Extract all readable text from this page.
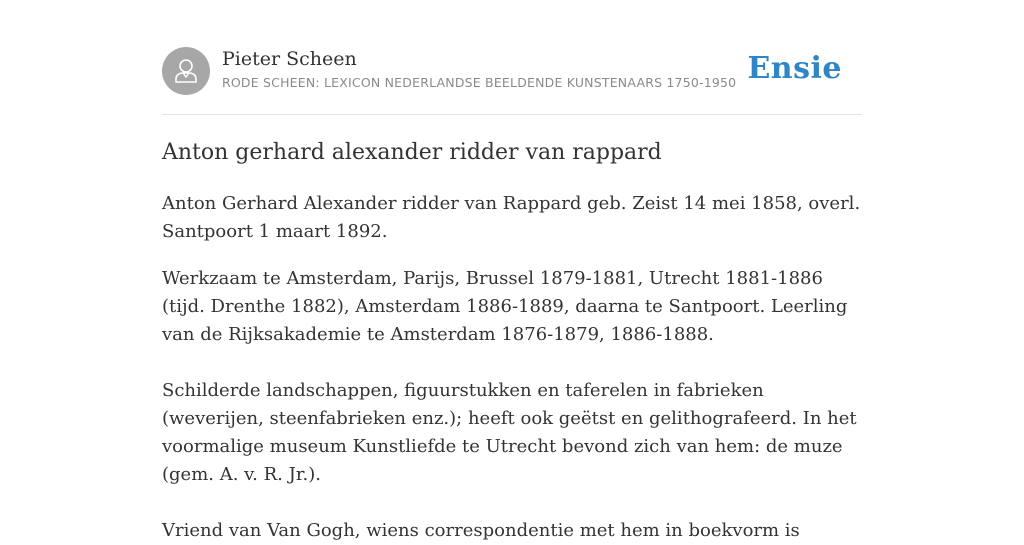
Pieter Scheen
RODE SCHEEN: LEXICON NEDERLANDSE BEELDENDE KUNSTENAARS 1750-1950 Ensie
Anton gerhard alexander ridder van rappard

Anton Gerhard Alexander ridder van Rappard geb. Zeist 14 mei 1858, overl. Santpoort 1 maart 1892.

Werkzaam te Amsterdam, Parijs, Brussel 1879-1881, Utrecht 1881-1886 (tijd. Drenthe 1882), Amsterdam 1886-1889, daarna te Santpoort. Leerling van de Rijksakademie te Amsterdam 1876-1879, 1886-1888.

Schilderde landschappen, figuurstukken en taferelen in fabrieken (weverijen, steenfabrieken enz.); heeft ook geëtst en gelithografeerd. In het voormalige museum Kunstliefde te Utrecht bevond zich van hem: de muze (gem. A. v. R. Jr.).

Vriend van Van Gogh, wiens correspondentie met hem in boekvorm is
